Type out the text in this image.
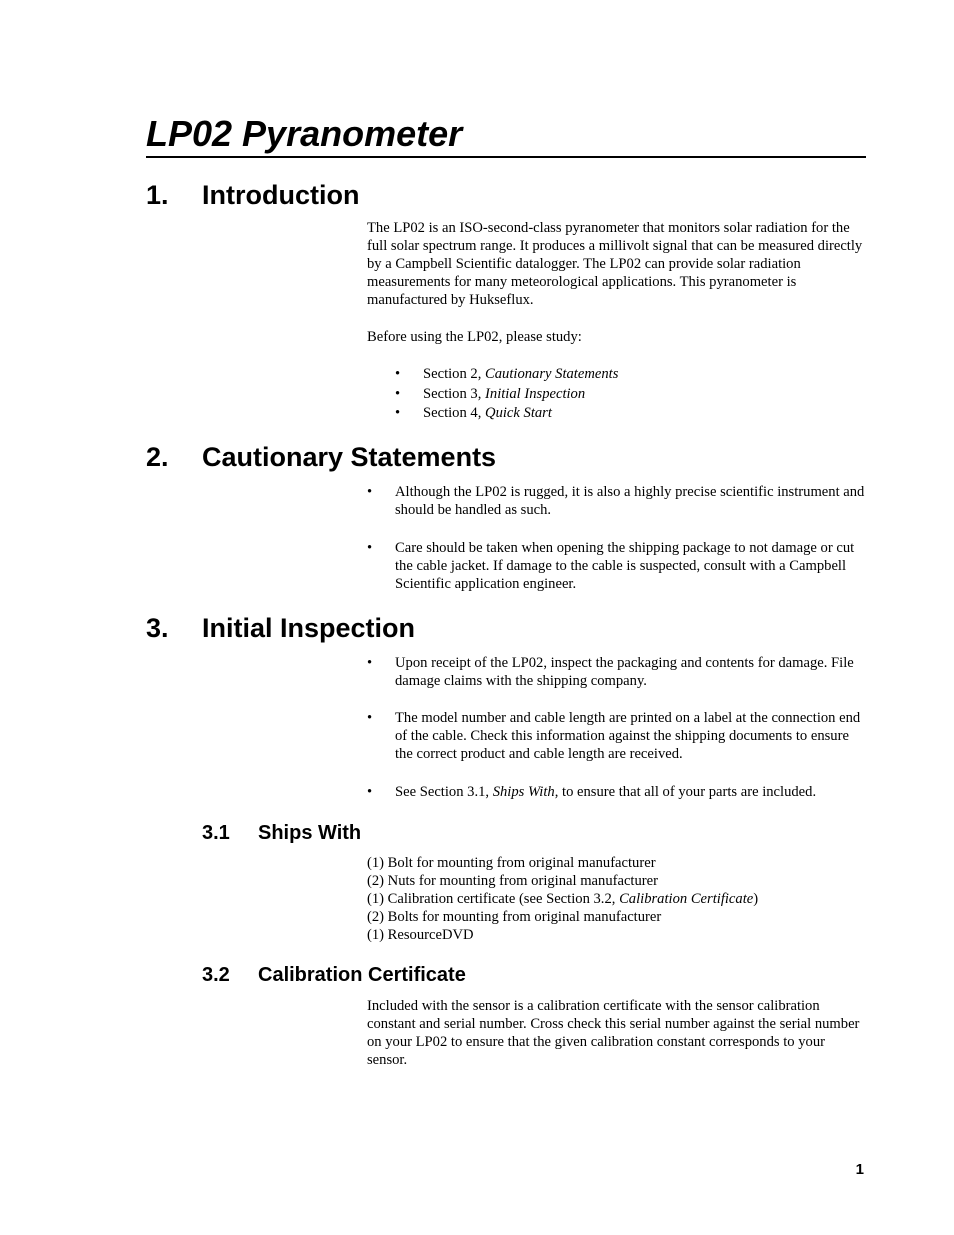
LP02 Pyranometer
1. Introduction

The LP02 is an ISO-second-class pyranometer that monitors solar radiation for the full solar spectrum range. It produces a millivolt signal that can be measured directly by a Campbell Scientific datalogger. The LP02 can provide solar radiation measurements for many meteorological applications. This pyranometer is manufactured by Hukseflux.

Before using the LP02, please study:

• Section 2, Cautionary Statements
• Section 3, Initial Inspection
• Section 4, Quick Start
2. Cautionary Statements
• Although the LP02 is rugged, it is also a highly precise scientific instrument and should be handled as such.
• Care should be taken when opening the shipping package to not damage or cut the cable jacket. If damage to the cable is suspected, consult with a Campbell Scientific application engineer.
3. Initial Inspection
• Upon receipt of the LP02, inspect the packaging and contents for damage. File damage claims with the shipping company.
• The model number and cable length are printed on a label at the connection end of the cable. Check this information against the shipping documents to ensure the correct product and cable length are received.
• See Section 3.1, Ships With, to ensure that all of your parts are included.
3.1 Ships With
(1) Bolt for mounting from original manufacturer
(2) Nuts for mounting from original manufacturer
(1) Calibration certificate (see Section 3.2, Calibration Certificate)
(2) Bolts for mounting from original manufacturer
(1) ResourceDVD
3.2 Calibration Certificate

Included with the sensor is a calibration certificate with the sensor calibration constant and serial number. Cross check this serial number against the serial number on your LP02 to ensure that the given calibration constant corresponds to your sensor.

1
